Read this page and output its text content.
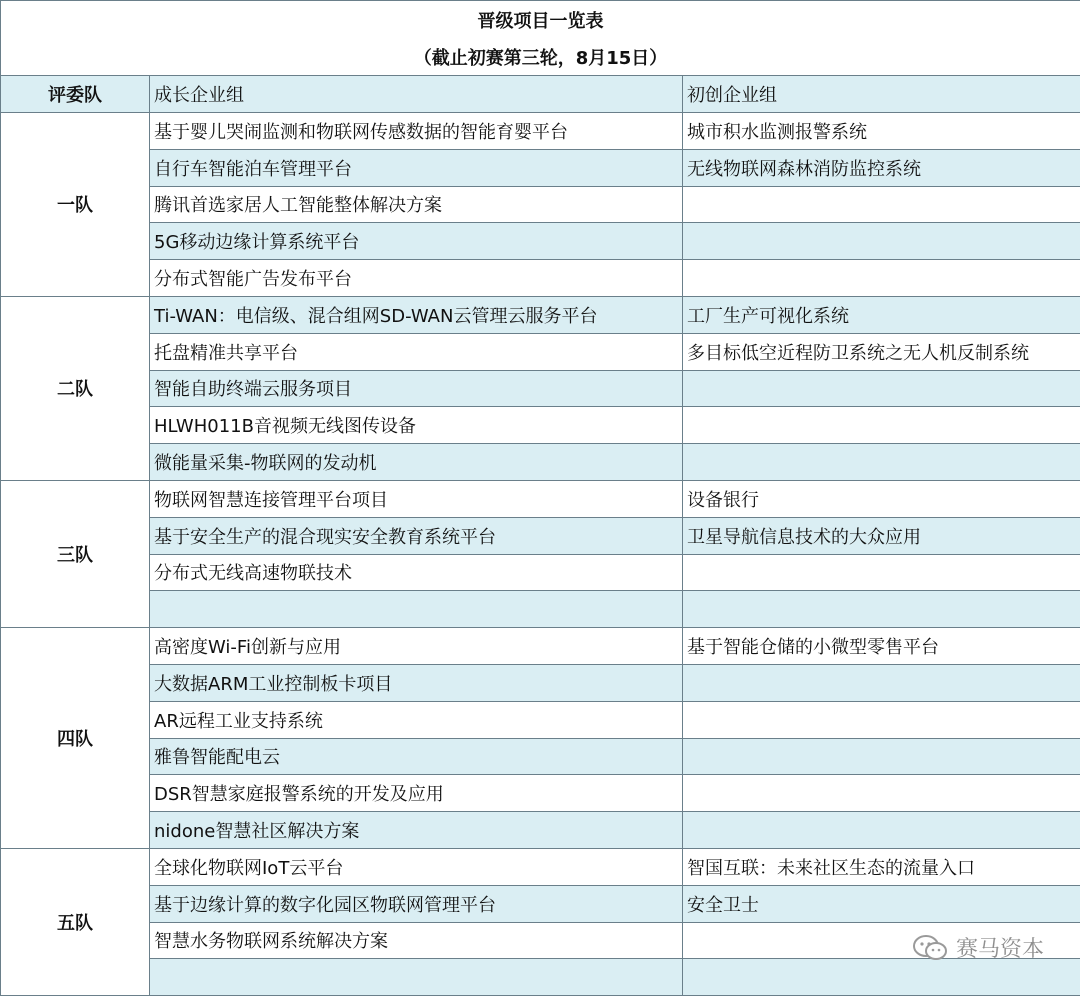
晋级项目一览表		
（截止初赛第三轮，8月15日）		
评委队	成长企业组	初创企业组
一队	基于婴儿哭闹监测和物联网传感数据的智能育婴平台	城市积水监测报警系统
	自行车智能泊车管理平台	无线物联网森林消防监控系统
	腾讯首选家居人工智能整体解决方案	
	5G移动边缘计算系统平台	
	分布式智能广告发布平台	
二队	Ti-WAN：电信级、混合组网SD-WAN云管理云服务平台	工厂生产可视化系统
	托盘精准共享平台	多目标低空近程防卫系统之无人机反制系统
	智能自助终端云服务项目	
	HLWH011B音视频无线图传设备	
	微能量采集-物联网的发动机	
三队	物联网智慧连接管理平台项目	设备银行
	基于安全生产的混合现实安全教育系统平台	卫星导航信息技术的大众应用
	分布式无线高速物联技术	

四队	高密度Wi-Fi创新与应用	基于智能仓储的小微型零售平台
	大数据ARM工业控制板卡项目	
	AR远程工业支持系统	
	雅鲁智能配电云	
	DSR智慧家庭报警系统的开发及应用	
	nidone智慧社区解决方案	
五队	全球化物联网IoT云平台	智国互联：未来社区生态的流量入口
	基于边缘计算的数字化园区物联网管理平台	安全卫士
	智慧水务物联网系统解决方案	
		赛马资本
